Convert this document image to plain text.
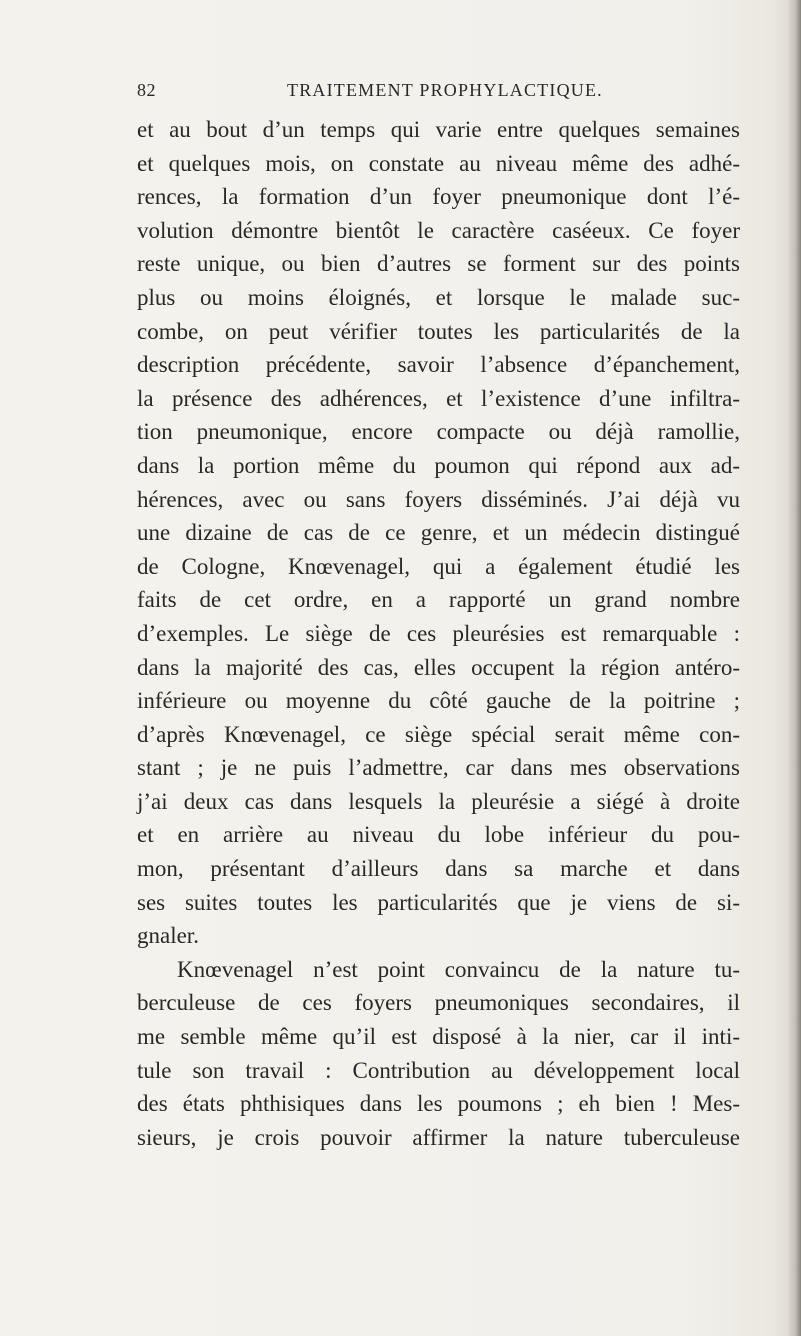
82	TRAITEMENT PROPHYLACTIQUE.
et au bout d’un temps qui varie entre quelques semaines
et quelques mois, on constate au niveau même des adhé-
rences, la formation d’un foyer pneumonique dont l’é-
volution démontre bientôt le caractère caséeux. Ce foyer
reste unique, ou bien d’autres se forment sur des points
plus ou moins éloignés, et lorsque le malade suc-
combe, on peut vérifier toutes les particularités de la
description précédente, savoir l’absence d’épanchement,
la présence des adhérences, et l’existence d’une infiltra-
tion pneumonique, encore compacte ou déjà ramollie,
dans la portion même du poumon qui répond aux ad-
hérences, avec ou sans foyers disséminés. J’ai déjà vu
une dizaine de cas de ce genre, et un médecin distingué
de Cologne, Knœvenagel, qui a également étudié les
faits de cet ordre, en a rapporté un grand nombre
d’exemples. Le siège de ces pleurésies est remarquable :
dans la majorité des cas, elles occupent la région antéro-
inférieure ou moyenne du côté gauche de la poitrine ;
d’après Knœvenagel, ce siège spécial serait même con-
stant ; je ne puis l’admettre, car dans mes observations
j’ai deux cas dans lesquels la pleurésie a siégé à droite
et en arrière au niveau du lobe inférieur du pou-
mon, présentant d’ailleurs dans sa marche et dans
ses suites toutes les particularités que je viens de si-
gnaler.
Knœvenagel n’est point convaincu de la nature tu-
berculeuse de ces foyers pneumoniques secondaires, il
me semble même qu’il est disposé à la nier, car il inti-
tule son travail : Contribution au développement local
des états phthisiques dans les poumons ; eh bien ! Mes-
sieurs, je crois pouvoir affirmer la nature tuberculeuse
